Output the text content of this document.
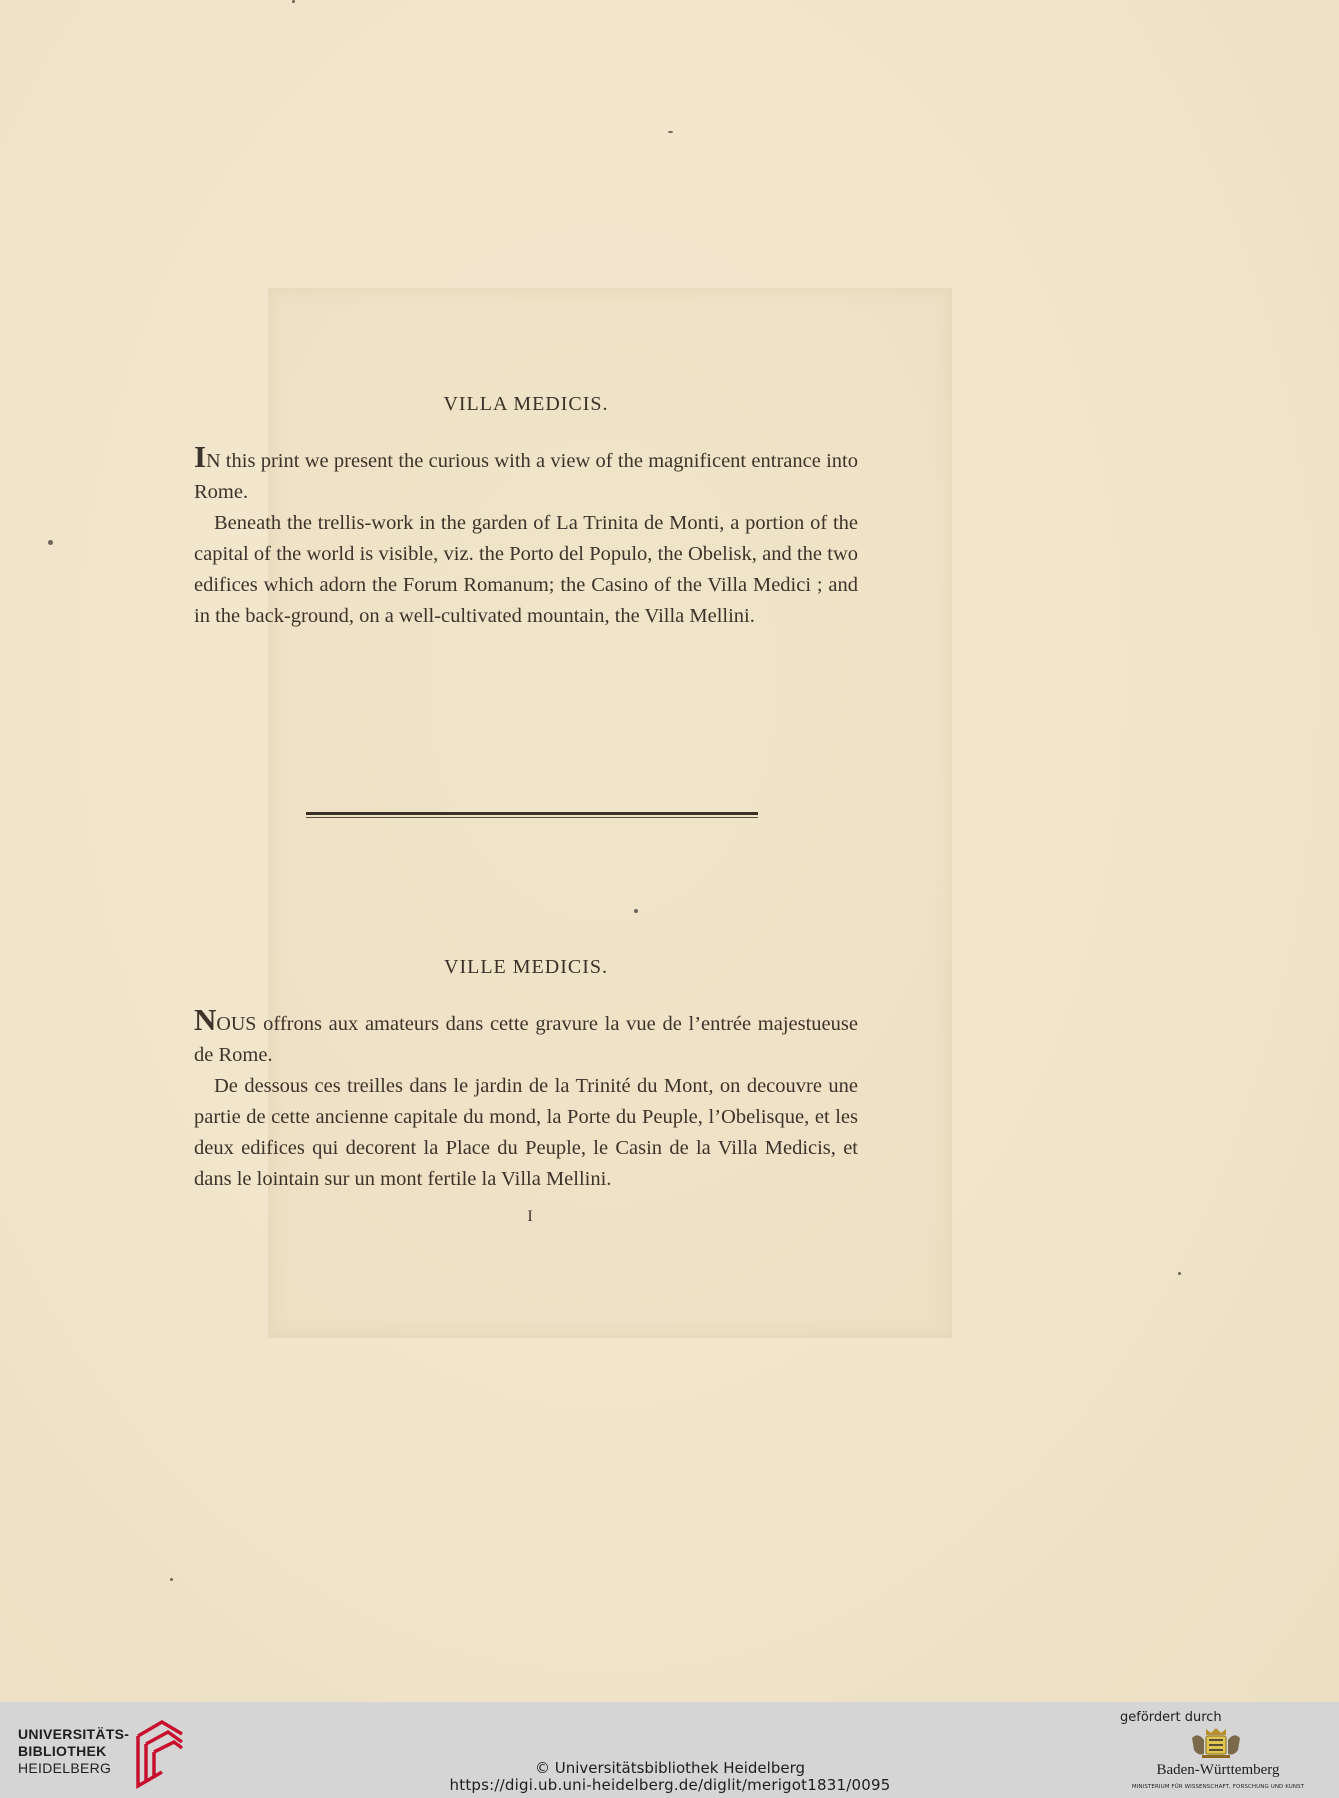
VILLA MEDICIS.

IN this print we present the curious with a view of the magnificent entrance into Rome.

Beneath the trellis-work in the garden of La Trinita de Monti, a portion of the capital of the world is visible, viz. the Porto del Populo, the Obelisk, and the two edifices which adorn the Forum Romanum; the Casino of the Villa Medici ; and in the back-ground, on a well-cultivated mountain, the Villa Mellini.

VILLE MEDICIS.

NOUS offrons aux amateurs dans cette gravure la vue de l’entrée majestueuse de Rome.

De dessous ces treilles dans le jardin de la Trinité du Mont, on decouvre une partie de cette ancienne capitale du mond, la Porte du Peuple, l’Obelisque, et les deux edifices qui decorent la Place du Peuple, le Casin de la Villa Medicis, et dans le lointain sur un mont fertile la Villa Mellini.

I
UNIVERSITÄTS-
BIBLIOTHEK
HEIDELBERG	© Universitätsbibliothek Heidelberg
https://digi.ub.uni-heidelberg.de/diglit/merigot1831/0095
gefördert durch
Baden-Württemberg
MINISTERIUM FÜR WISSENSCHAFT, FORSCHUNG UND KUNST
